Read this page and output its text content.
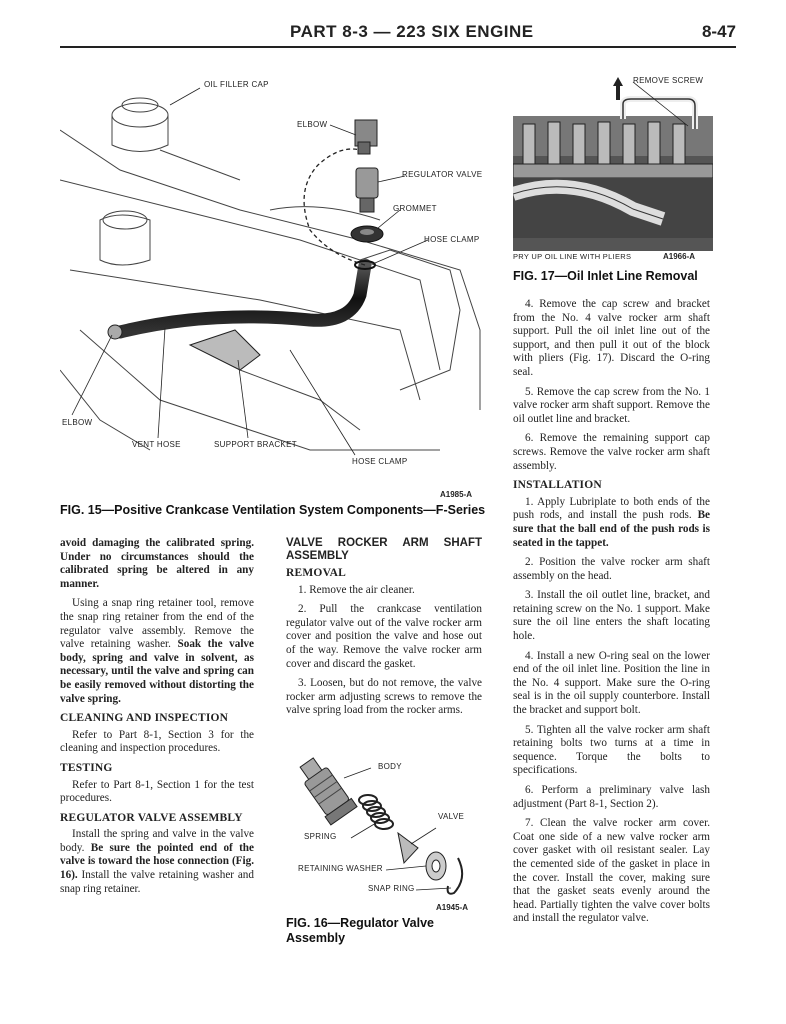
PART 8-3 — 223 SIX ENGINE	8-47
OIL FILLER CAP
ELBOW
REGULATOR VALVE
GROMMET
HOSE CLAMP
ELBOW
VENT HOSE	SUPPORT BRACKET
HOSE CLAMP
A1985-A
FIG. 15—Positive Crankcase Ventilation System Components—F-Series
REMOVE SCREW
PRY UP OIL LINE WITH PLIERS	A1966-A
FIG. 17—Oil Inlet Line Removal

avoid damaging the calibrated spring. Under no circumstances should the calibrated spring be altered in any manner.

Using a snap ring retainer tool, remove the snap ring retainer from the end of the regulator valve assembly. Remove the valve retaining washer. Soak the valve body, spring and valve in solvent, as necessary, until the valve and spring can be easily removed without distorting the valve spring.

CLEANING AND INSPECTION

Refer to Part 8-1, Section 3 for the cleaning and inspection procedures.

TESTING

Refer to Part 8-1, Section 1 for the test procedures.

REGULATOR VALVE ASSEMBLY

Install the spring and valve in the valve body. Be sure the pointed end of the valve is toward the hose connection (Fig. 16). Install the valve retaining washer and snap ring retainer.

VALVE ROCKER ARM SHAFT ASSEMBLY
REMOVAL

1. Remove the air cleaner.

2. Pull the crankcase ventilation regulator valve out of the valve rocker arm cover and position the valve and hose out of the way. Remove the valve rocker arm cover and discard the gasket.

3. Loosen, but do not remove, the valve rocker arm adjusting screws to remove the valve spring load from the rocker arms.

BODY
VALVE
SPRING
RETAINING WASHER
SNAP RING
A1945-A
FIG. 16—Regulator Valve
Assembly

4. Remove the cap screw and bracket from the No. 4 valve rocker arm shaft support. Pull the oil inlet line out of the support, and then pull it out of the block with pliers (Fig. 17). Discard the O-ring seal.

5. Remove the cap screw from the No. 1 valve rocker arm shaft support. Remove the oil outlet line and bracket.

6. Remove the remaining support cap screws. Remove the valve rocker arm shaft assembly.

INSTALLATION

1. Apply Lubriplate to both ends of the push rods, and install the push rods. Be sure that the ball end of the push rods is seated in the tappet.

2. Position the valve rocker arm shaft assembly on the head.

3. Install the oil outlet line, bracket, and retaining screw on the No. 1 support. Make sure the oil line enters the shaft locating hole.

4. Install a new O-ring seal on the lower end of the oil inlet line. Position the line in the No. 4 support. Make sure the O-ring seal is in the oil supply counterbore. Install the bracket and support bolt.

5. Tighten all the valve rocker arm shaft retaining bolts two turns at a time in sequence. Torque the bolts to specifications.

6. Perform a preliminary valve lash adjustment (Part 8-1, Section 2).

7. Clean the valve rocker arm cover. Coat one side of a new valve rocker arm cover gasket with oil resistant sealer. Lay the cemented side of the gasket in place in the cover. Install the cover, making sure that the gasket seats evenly around the head. Partially tighten the valve cover bolts and install the regulator valve.
